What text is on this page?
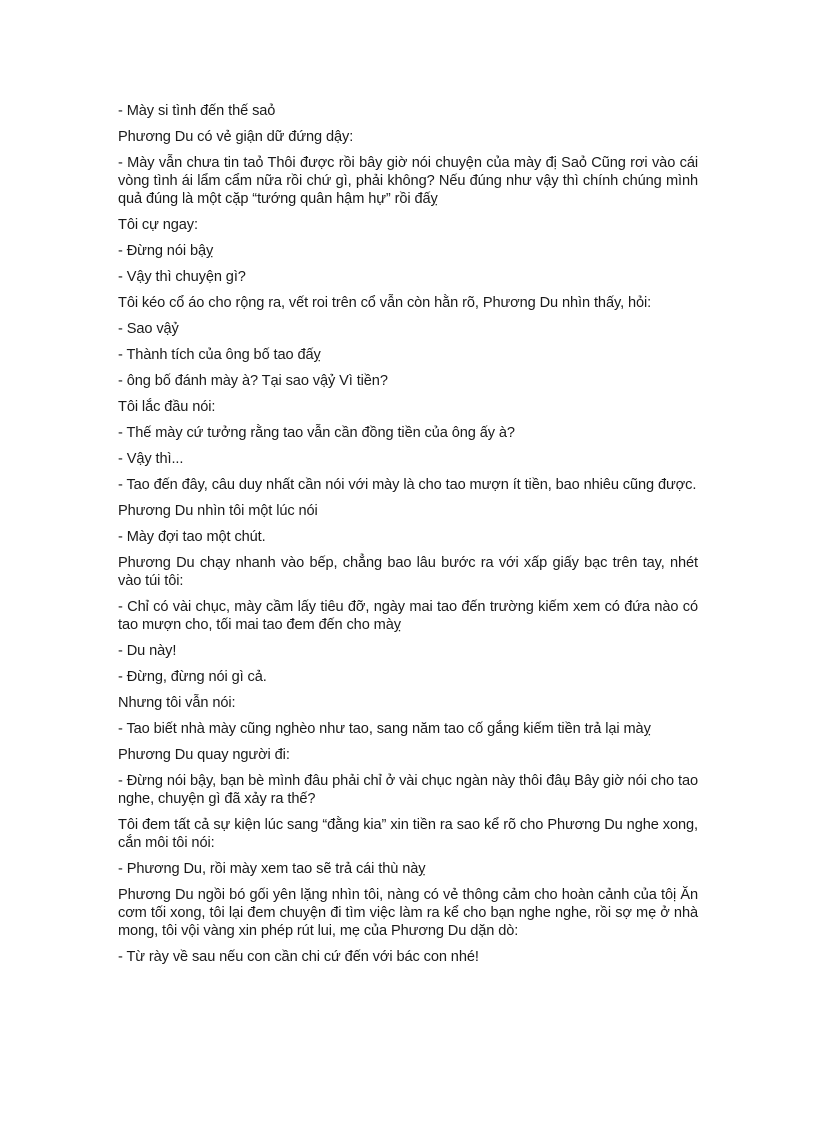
- Mày si tình đến thế saỏ

Phương Du có vẻ giận dữ đứng dậy:

- Mày vẫn chưa tin taỏ Thôi được rồi bây giờ nói chuyện của mày đị Saỏ Cũng rơi vào cái vòng tình ái lẩm cẩm nữa rồi chứ gì, phải không? Nếu đúng như vậy thì chính chúng mình quả đúng là một cặp “tướng quân hậm hự” rồi đấỵ

Tôi cự ngay:

- Đừng nói bậỵ

- Vậy thì chuyện gì?

Tôi kéo cổ áo cho rộng ra, vết roi trên cổ vẫn còn hằn rõ, Phương Du nhìn thấy, hỏi:

- Sao vậỷ

- Thành tích của ông bố tao đấỵ

- ông bố đánh mày à? Tại sao vậỷ Vì tiền?

Tôi lắc đầu nói:

- Thế mày cứ tưởng rằng tao vẫn cần đồng tiền của ông ấy à?

- Vậy thì...

- Tao đến đây, câu duy nhất cần nói với mày là cho tao mượn ít tiền, bao nhiêu cũng được.

Phương Du nhìn tôi một lúc nói

- Mày đợi tao một chút.

Phương Du chạy nhanh vào bếp, chẳng bao lâu bước ra với xấp giấy bạc trên tay, nhét vào túi tôi:

- Chỉ có vài chục, mày cầm lấy tiêu đỡ, ngày mai tao đến trường kiếm xem có đứa nào có tao mượn cho, tối mai tao đem đến cho màỵ

- Du này!

- Đừng, đừng nói gì cả.

Nhưng tôi vẫn nói:

- Tao biết nhà mày cũng nghèo như tao, sang năm tao cố gắng kiếm tiền trả lại màỵ

Phương Du quay người đi:

- Đừng nói bậy, bạn bè mình đâu phải chỉ ở vài chục ngàn này thôi đâụ Bây giờ nói cho tao nghe, chuyện gì đã xảy ra thế?

Tôi đem tất cả sự kiện lúc sang “đằng kia” xin tiền ra sao kể rõ cho Phương Du nghe xong, cắn môi tôi nói:

- Phương Du, rồi mày xem tao sẽ trả cái thù nàỵ

Phương Du ngồi bó gối yên lặng nhìn tôi, nàng có vẻ thông cảm cho hoàn cảnh của tôị Ăn cơm tối xong, tôi lại đem chuyện đi tìm việc làm ra kể cho bạn nghe nghe, rồi sợ mẹ ở nhà mong, tôi vội vàng xin phép rút lui, mẹ của Phương Du dặn dò:

- Từ rày về sau nếu con cần chi cứ đến với bác con nhé!
